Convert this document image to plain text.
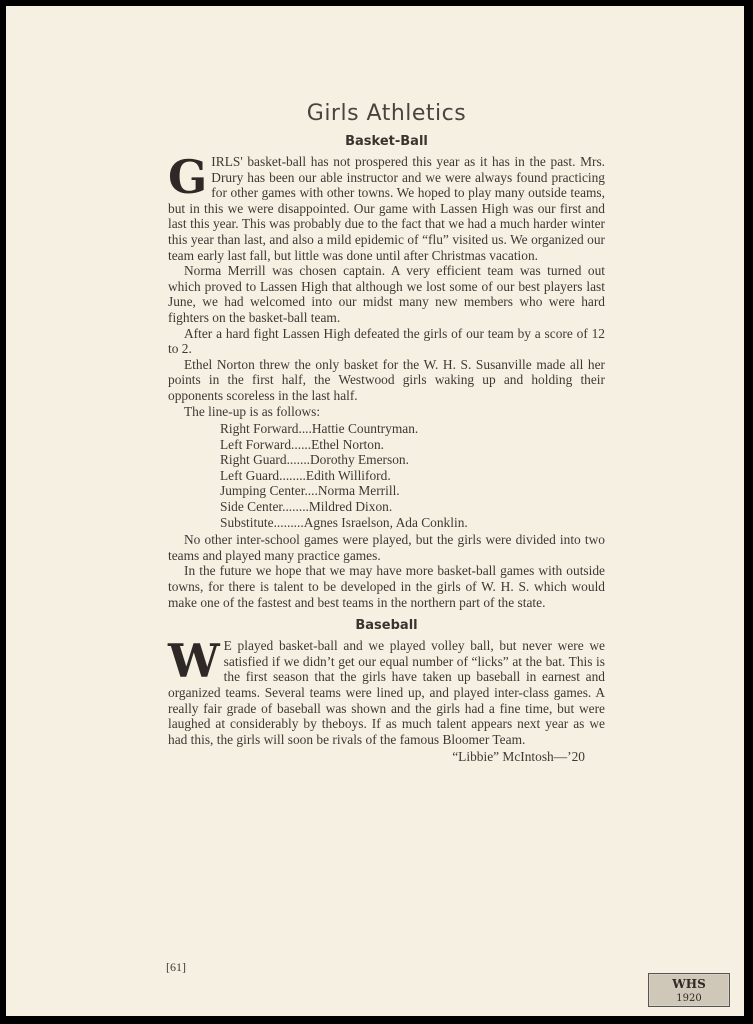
Girls Athletics
Basket-Ball

GIRLS' basket-ball has not prospered this year as it has in the past. Mrs. Drury has been our able instructor and we were always found practicing for other games with other towns. We hoped to play many outside teams, but in this we were disappointed. Our game with Lassen High was our first and last this year. This was probably due to the fact that we had a much harder winter this year than last, and also a mild epidemic of “flu” visited us. We organized our team early last fall, but little was done until after Christmas vacation.

Norma Merrill was chosen captain. A very efficient team was turned out which proved to Lassen High that although we lost some of our best players last June, we had welcomed into our midst many new members who were hard fighters on the basket-ball team.

After a hard fight Lassen High defeated the girls of our team by a score of 12 to 2.

Ethel Norton threw the only basket for the W. H. S. Susanville made all her points in the first half, the Westwood girls waking up and holding their opponents scoreless in the last half.

The line-up is as follows:

Right Forward....Hattie Countryman.
Left Forward......Ethel Norton.
Right Guard.......Dorothy Emerson.
Left Guard........Edith Williford.
Jumping Center....Norma Merrill.
Side Center........Mildred Dixon.
Substitute.........Agnes Israelson, Ada Conklin.

No other inter-school games were played, but the girls were divided into two teams and played many practice games.

In the future we hope that we may have more basket-ball games with outside towns, for there is talent to be developed in the girls of W. H. S. which would make one of the fastest and best teams in the northern part of the state.

Baseball

W E played basket-ball and we played volley ball, but never were we satisfied if we didn’t get our equal number of “licks” at the bat. This is the first season that the girls have taken up baseball in earnest and organized teams. Several teams were lined up, and played inter-class games. A really fair grade of baseball was shown and the girls had a fine time, but were laughed at considerably by theboys. If as much talent appears next year as we had this, the girls will soon be rivals of the famous Bloomer Team.

“Libbie” McIntosh—’20
[61]
WHS
1920
